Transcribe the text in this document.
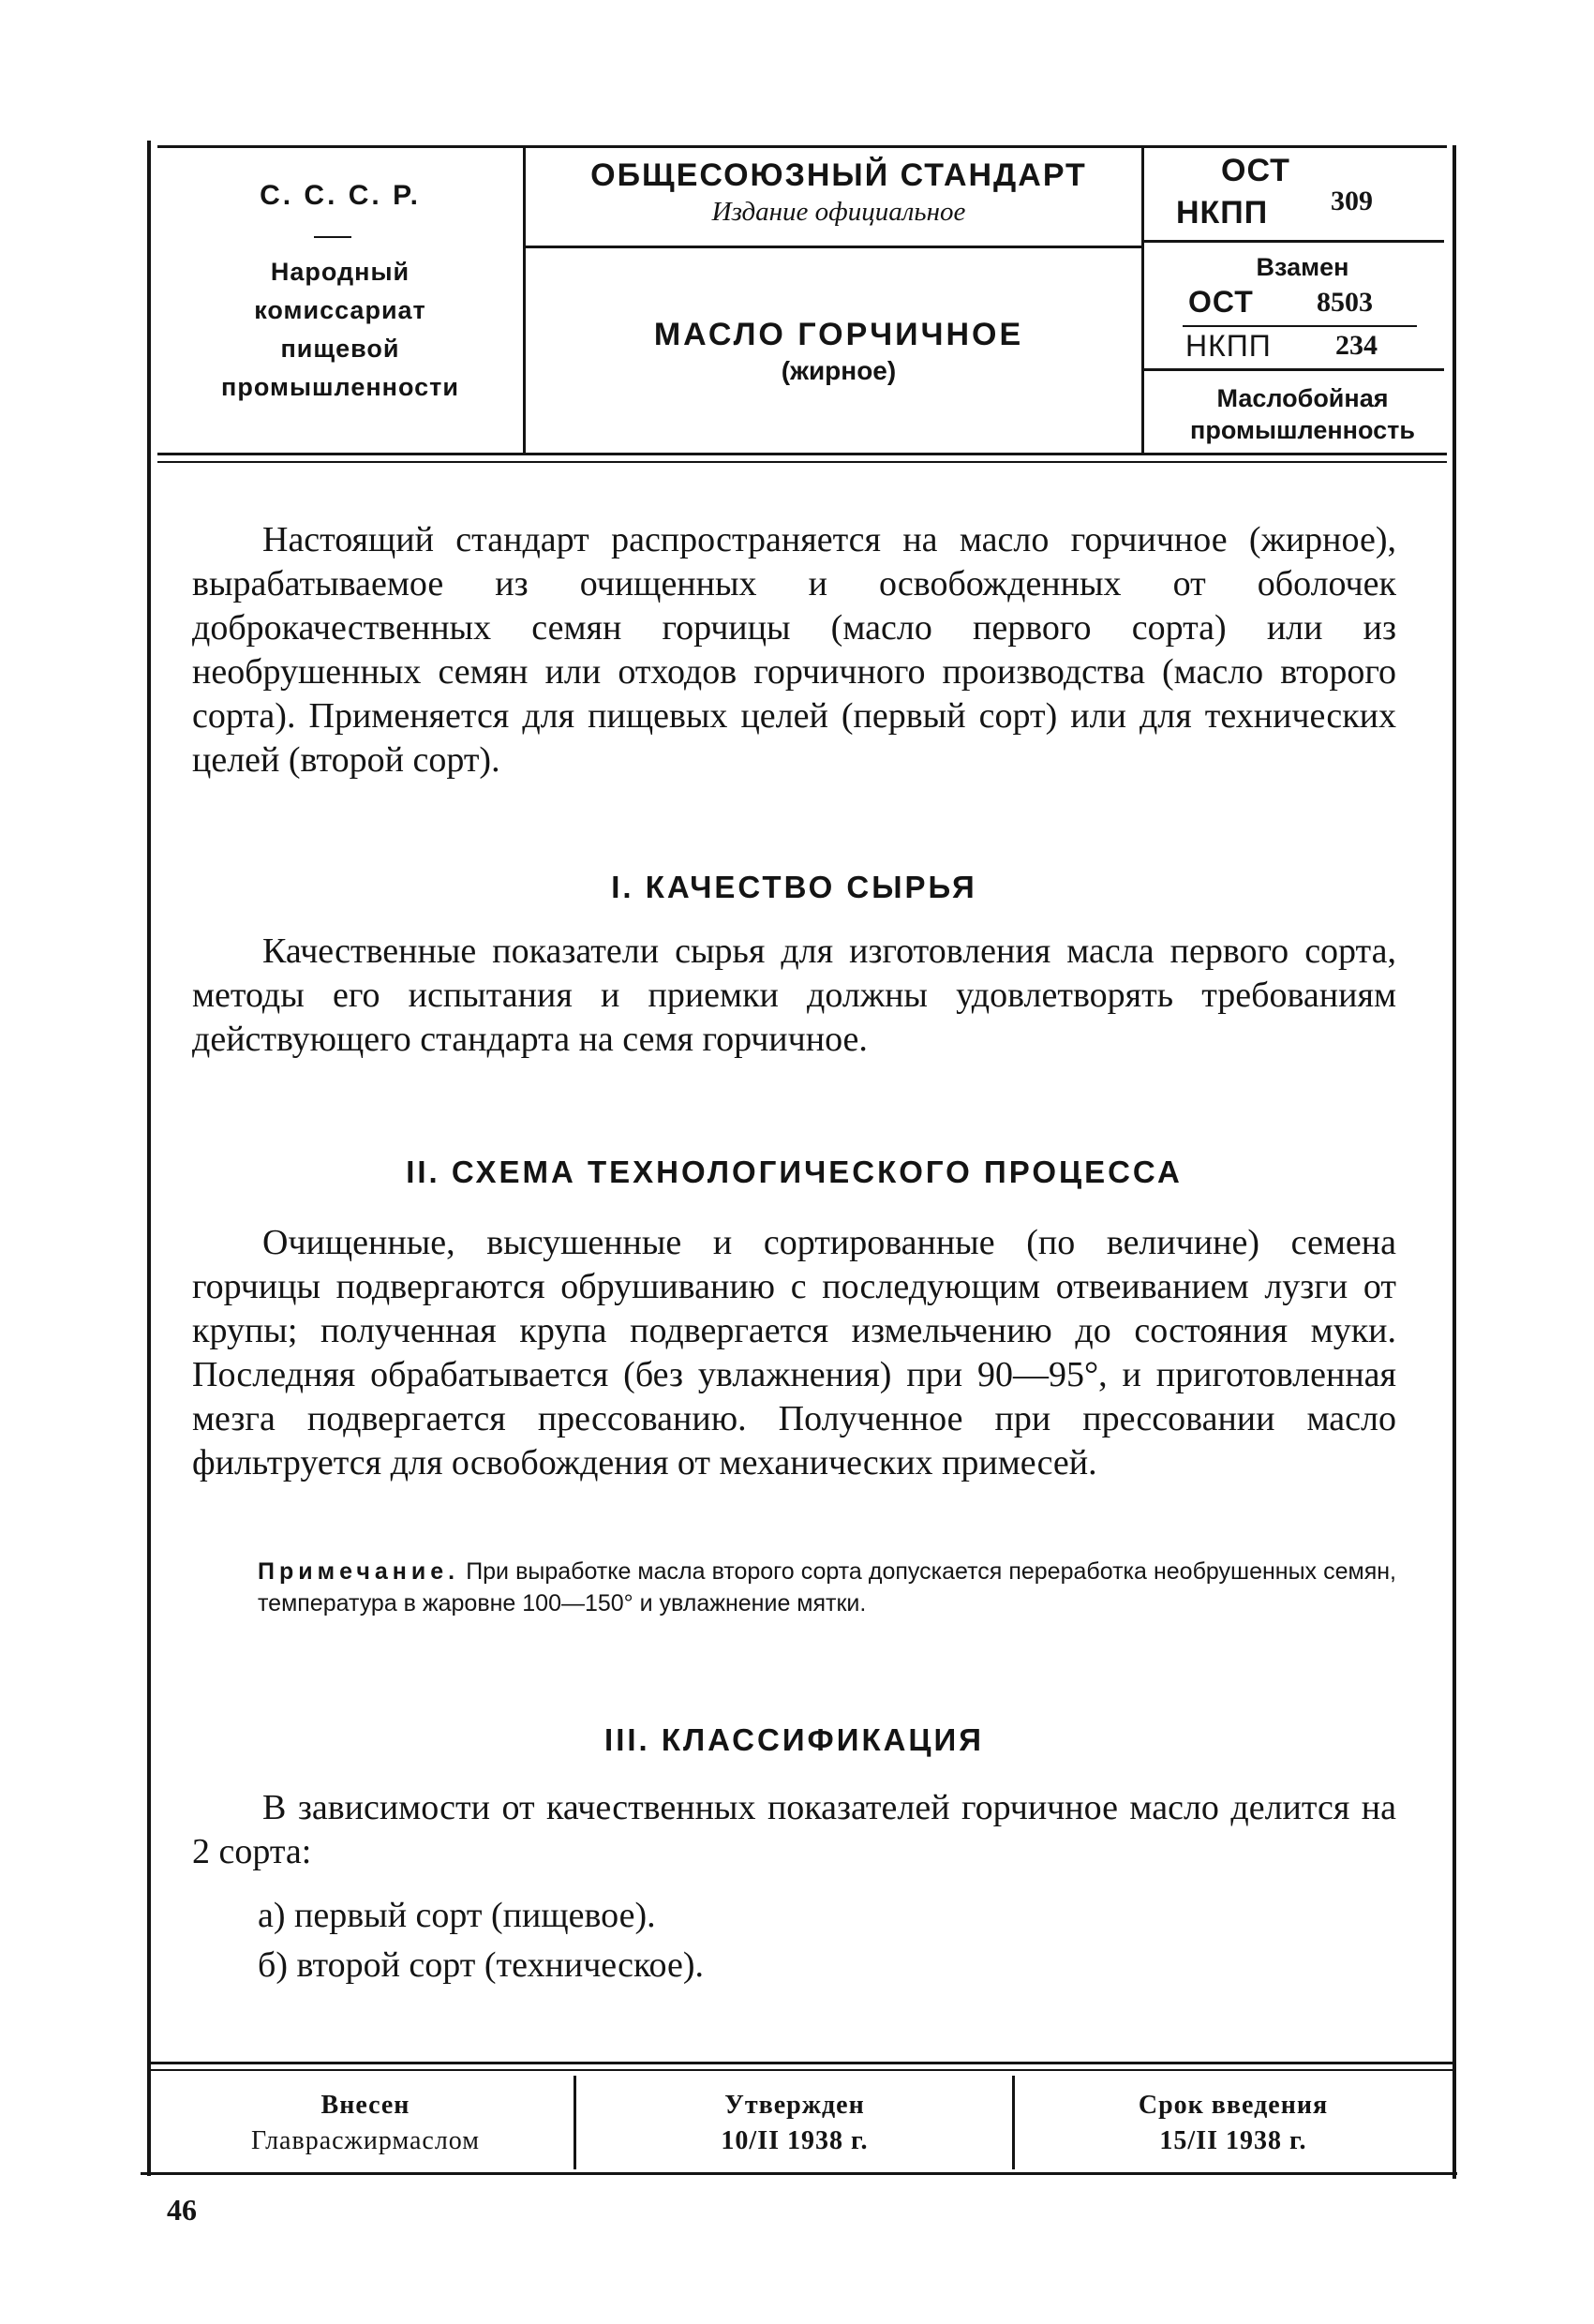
С. С. С. Р.
Народный
комиссариат
пищевой
промышленности
ОБЩЕСОЮЗНЫЙ СТАНДАРТ
Издание официальное
МАСЛО ГОРЧИЧНОЕ
(жирное)
ОСТ
НКПП	309
Взамен
ОСТ 8503
НКПП 234
Маслобойная
промышленность

Настоящий стандарт распространяется на масло горчичное (жирное), вырабатываемое из очищенных и освобожденных от оболочек доброкачественных семян горчицы (масло первого сорта) или из необрушенных семян или отходов горчичного производства (масло второго сорта). Применяется для пищевых целей (первый сорт) или для технических целей (второй сорт).

I. КАЧЕСТВО СЫРЬЯ

Качественные показатели сырья для изготовления масла первого сорта, методы его испытания и приемки должны удовлетворять требованиям действующего стандарта на семя горчичное.

II. СХЕМА ТЕХНОЛОГИЧЕСКОГО ПРОЦЕССА

Очищенные, высушенные и сортированные (по величине) семена горчицы подвергаются обрушиванию с последующим отвеиванием лузги от крупы; полученная крупа подвергается измельчению до состояния муки. Последняя обрабатывается (без увлажнения) при 90—95°, и приготовленная мезга подвергается прессованию. Полученное при прессовании масло фильтруется для освобождения от механических примесей.

Примечание. При выработке масла второго сорта допускается переработка необрушенных семян, температура в жаровне 100—150° и увлажнение мятки.

III. КЛАССИФИКАЦИЯ

В зависимости от качественных показателей горчичное масло делится на 2 сорта:

а) первый сорт (пищевое).
б) второй сорт (техническое).
Внесен
Главрасжирмаслом
Утвержден
10/II 1938 г.
Срок введения
15/II 1938 г.
46
